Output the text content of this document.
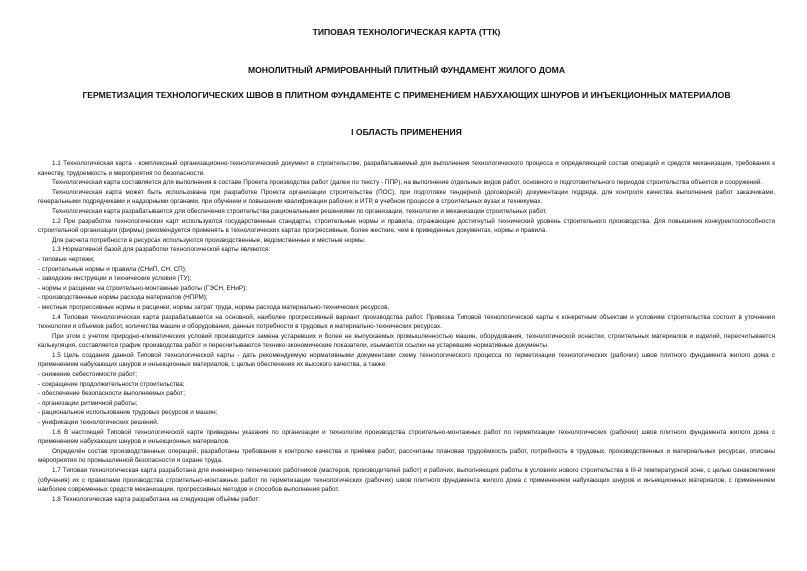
ТИПОВАЯ ТЕХНОЛОГИЧЕСКАЯ КАРТА (ТТК)
МОНОЛИТНЫЙ АРМИРОВАННЫЙ ПЛИТНЫЙ ФУНДАМЕНТ ЖИЛОГО ДОМА
ГЕРМЕТИЗАЦИЯ ТЕХНОЛОГИЧЕСКИХ ШВОВ В ПЛИТНОМ ФУНДАМЕНТЕ С ПРИМЕНЕНИЕМ НАБУХАЮЩИХ ШНУРОВ И ИНЪЕКЦИОННЫХ МАТЕРИАЛОВ
I ОБЛАСТЬ ПРИМЕНЕНИЯ

1.1 Технологическая карта - комплексный организационно-технологический документ в строительстве, разрабатываемый для выполнения технологического процесса и определяющий состав операций и средств механизации, требования к качеству, трудоемкость и мероприятия по безопасности.

Технологическая карта составляется для выполнения в составе Проекта производства работ (далее по тексту - ППР), на выполнение отдельных видов работ, основного и подготовительного периодов строительства объектов и сооружений.

Технологическая карта может быть использована при разработке Проекта организации строительства (ПОС), при подготовке тендерной (договорной) документации подряда, для контроля качества выполнения работ заказчиками, генеральными подрядчиками и надзорными органами, при обучении и повышении квалификации рабочих и ИТР, в учебном процессе в строительных вузах и техникумах.

Технологическая карта разрабатывается для обеспечения строительства рациональными решениями по организации, технологии и механизации строительных работ.

1.2 При разработке технологических карт используются государственные стандарты, строительные нормы и правила, отражающие достигнутый технический уровень строительного производства. Для повышения конкурентоспособности строительной организации (фирмы) рекомендуется применять в технологических картах прогрессивные, более жесткие, чем в приведенных документах, нормы и правила.

Для расчета потребности в ресурсах используются производственные, ведомственные и местные нормы.

1.3 Нормативной базой для разработки технологической карты являются:

- типовые чертежи;

- строительные нормы и правила (СНиП, СН, СП);

- заводские инструкции и технические условия (ТУ);

- нормы и расценки на строительно-монтажные работы (ГЭСН, ЕНиР);

- производственные нормы расхода материалов (НПРМ);

- местные прогрессивные нормы и расценки, нормы затрат труда, нормы расхода материально-технических ресурсов.

1.4 Типовая технологическая карта разрабатывается на основной, наиболее прогрессивный вариант производства работ. Привязка Типовой технологической карты к конкретным объектам и условиям строительства состоит в уточнении технологии и объемов работ, количества машин и оборудования, данных потребности в трудовых и материально-технических ресурсах.

При этом с учетом природно-климатических условий производится замена устаревших и более не выпускаемых промышленностью машин, оборудования, технологической оснастки, строительных материалов и изделий, пересчитывается калькуляция, составляется график производства работ и пересчитываются технико-экономические показатели, изымаются ссылки на устаревшие нормативные документы.

1.5 Цель создания данной Типовой технологической карты - дать рекомендуемую нормативными документами схему технологического процесса по герметизации технологических (рабочих) швов плитного фундамента жилого дома с применением набухающих шнуров и инъекционных материалов, с целью обеспечения их высокого качества, а также:

- снижение себестоимости работ;

- сокращение продолжительности строительства;

- обеспечение безопасности выполняемых работ;

- организации ритмичной работы;

- рациональное использование трудовых ресурсов и машин;

- унификации технологических решений.

1.6 В настоящей Типовой технологической карте приведены указания по организации и технологии производства строительно-монтажных работ по герметизации технологических (рабочих) швов плитного фундамента жилого дома с применением набухающих шнуров и инъекционных материалов.

Определён состав производственных операций, разработаны требования к контролю качества и приёмке работ, рассчитаны плановая трудоёмкость работ, потребность в трудовых, производственных и материальных ресурсах, описаны мероприятия по промышленной безопасности и охране труда.

1.7 Типовая технологическая карта разработана для инженерно-технических работников (мастеров, производителей работ) и рабочих, выполняющих работы в условиях нового строительства в III-й температурной зоне, с целью ознакомления (обучения) их с правилами производства строительно-монтажных работ по герметизации технологических (рабочих) швов плитного фундамента жилого дома с применением набухающих шнуров и инъекционных материалов, с применением наиболее современных средств механизации, прогрессивных методов и способов выполнения работ.

1.8 Технологическая карта разработана на следующие объёмы работ:
